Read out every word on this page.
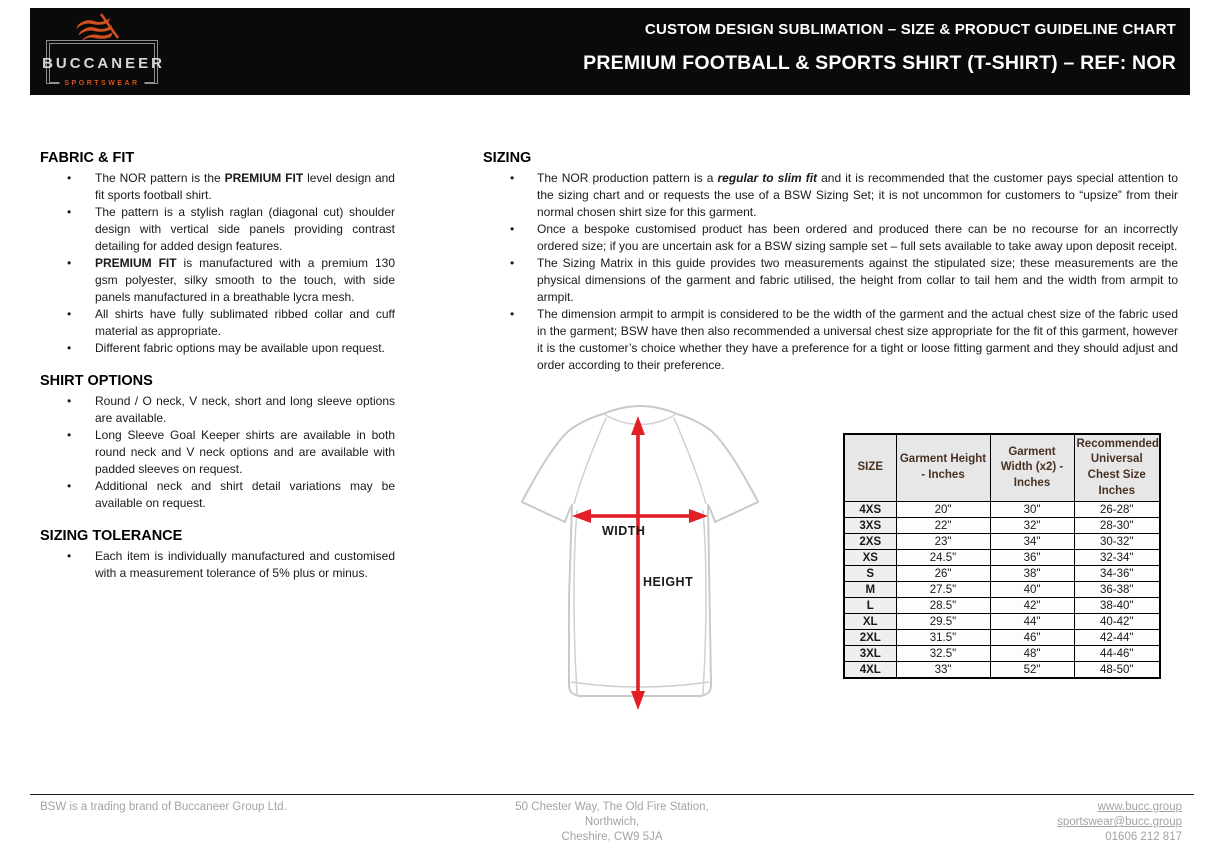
BUCCANEER
SPORTSWEAR
CUSTOM DESIGN SUBLIMATION – SIZE & PRODUCT GUIDELINE CHART
PREMIUM FOOTBALL & SPORTS SHIRT (T-SHIRT) – REF: NOR
FABRIC & FIT
• The NOR pattern is the PREMIUM FIT level design and fit sports football shirt.
• The pattern is a stylish raglan (diagonal cut) shoulder design with vertical side panels providing contrast detailing for added design features.
• PREMIUM FIT is manufactured with a premium 130 gsm polyester, silky smooth to the touch, with side panels manufactured in a breathable lycra mesh.
• All shirts have fully sublimated ribbed collar and cuff material as appropriate.
• Different fabric options may be available upon request.
SHIRT OPTIONS
• Round / O neck, V neck, short and long sleeve options are available.
• Long Sleeve Goal Keeper shirts are available in both round neck and V neck options and are available with padded sleeves on request.
• Additional neck and shirt detail variations may be available on request.
SIZING TOLERANCE
• Each item is individually manufactured and customised with a measurement tolerance of 5% plus or minus.
SIZING
• The NOR production pattern is a regular to slim fit and it is recommended that the customer pays special attention to the sizing chart and or requests the use of a BSW Sizing Set; it is not uncommon for customers to “upsize” from their normal chosen shirt size for this garment.
• Once a bespoke customised product has been ordered and produced there can be no recourse for an incorrectly ordered size; if you are uncertain ask for a BSW sizing sample set – full sets available to take away upon deposit receipt.
• The Sizing Matrix in this guide provides two measurements against the stipulated size; these measurements are the physical dimensions of the garment and fabric utilised, the height from collar to tail hem and the width from armpit to armpit.
• The dimension armpit to armpit is considered to be the width of the garment and the actual chest size of the fabric used in the garment; BSW have then also recommended a universal chest size appropriate for the fit of this garment, however it is the customer’s choice whether they have a preference for a tight or loose fitting garment and they should adjust and order according to their preference.
WIDTH
HEIGHT
SIZE	Garment Height - Inches	Garment Width (x2) - Inches	Recommended Universal Chest Size Inches
4XS	20"	30"	26-28"
3XS	22"	32"	28-30"
2XS	23"	34"	30-32"
XS	24.5"	36"	32-34"
S	26"	38"	34-36"
M	27.5"	40"	36-38"
L	28.5"	42"	38-40"
XL	29.5"	44"	40-42"
2XL	31.5"	46"	42-44"
3XL	32.5"	48"	44-46"
4XL	33"	52"	48-50"
BSW is a trading brand of Buccaneer Group Ltd.	50 Chester Way, The Old Fire Station,
Northwich,
Cheshire, CW9 5JA
www.bucc.group
sportswear@bucc.group
01606 212 817
